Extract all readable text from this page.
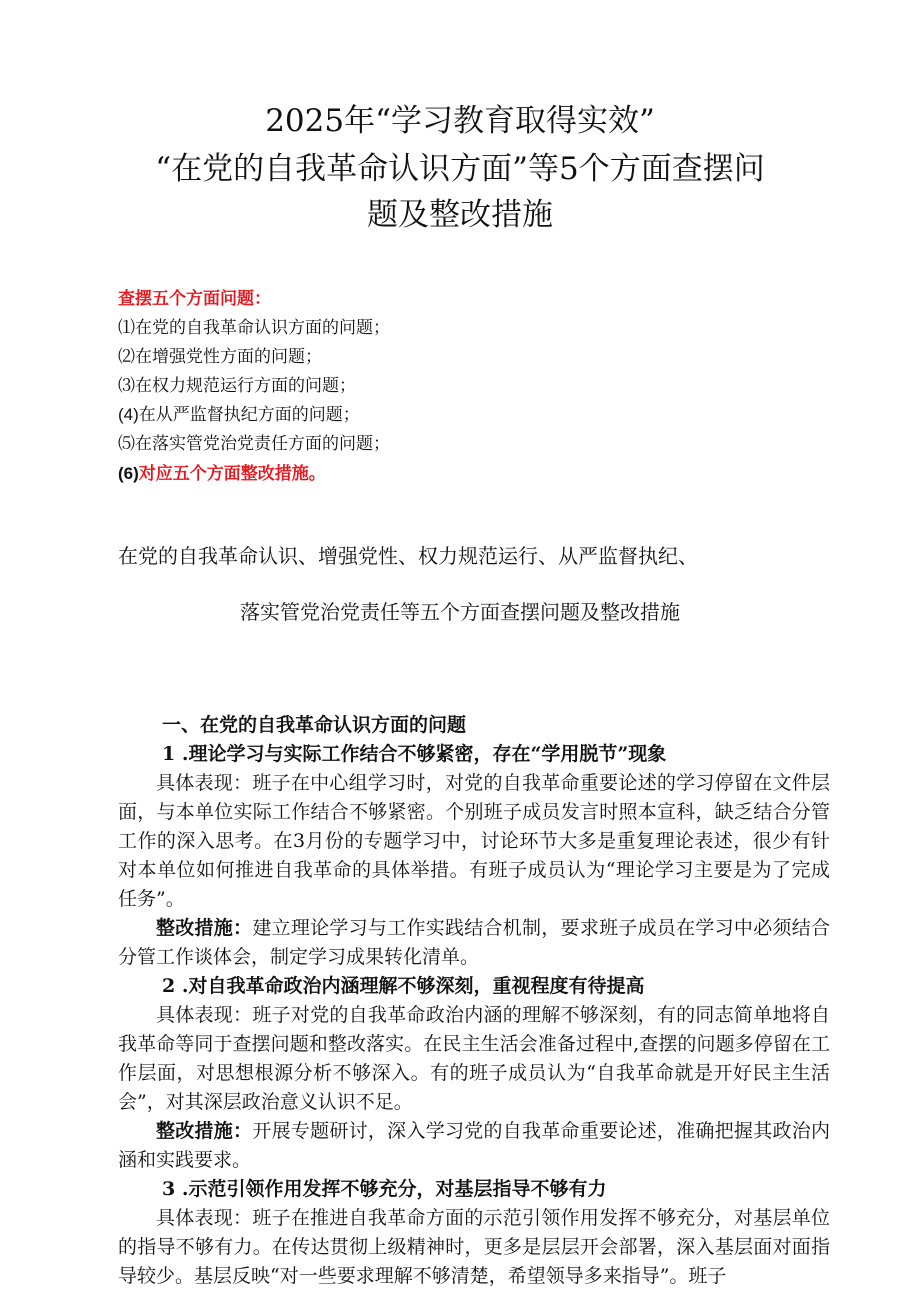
2025年“学习教育取得实效”
“在党的自我革命认识方面”等5个方面查摆问
题及整改措施
查摆五个方面问题：
⑴在党的自我革命认识方面的问题；
⑵在增强党性方面的问题；
⑶在权力规范运行方面的问题；
(4)在从严监督执纪方面的问题；
⑸在落实管党治党责任方面的问题；
(6)对应五个方面整改措施。
在党的自我革命认识、增强党性、权力规范运行、从严监督执纪、
落实管党治党责任等五个方面查摆问题及整改措施

一、在党的自我革命认识方面的问题

1 .理论学习与实际工作结合不够紧密，存在“学用脱节”现象

具体表现：班子在中心组学习时，对党的自我革命重要论述的学习停留在文件层面，与本单位实际工作结合不够紧密。个别班子成员发言时照本宣科，缺乏结合分管工作的深入思考。在3月份的专题学习中，讨论环节大多是重复理论表述，很少有针对本单位如何推进自我革命的具体举措。有班子成员认为“理论学习主要是为了完成任务”。

整改措施：建立理论学习与工作实践结合机制，要求班子成员在学习中必须结合分管工作谈体会，制定学习成果转化清单。

2 .对自我革命政治内涵理解不够深刻，重视程度有待提高

具体表现：班子对党的自我革命政治内涵的理解不够深刻，有的同志简单地将自我革命等同于查摆问题和整改落实。在民主生活会准备过程中,查摆的问题多停留在工作层面，对思想根源分析不够深入。有的班子成员认为“自我革命就是开好民主生活会”，对其深层政治意义认识不足。

整改措施：开展专题研讨，深入学习党的自我革命重要论述，准确把握其政治内涵和实践要求。

3 .示范引领作用发挥不够充分，对基层指导不够有力

具体表现：班子在推进自我革命方面的示范引领作用发挥不够充分，对基层单位的指导不够有力。在传达贯彻上级精神时，更多是层层开会部署，深入基层面对面指导较少。基层反映“对一些要求理解不够清楚，希望领导多来指导”。班子
